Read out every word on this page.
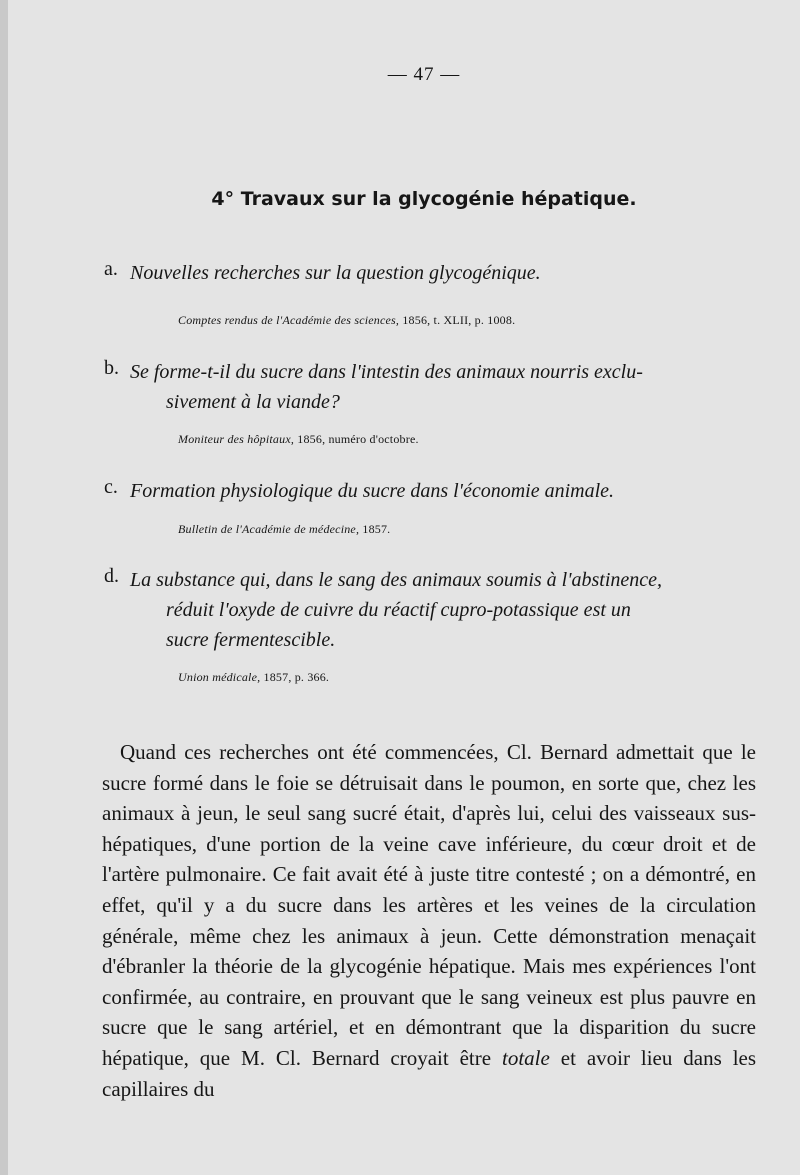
— 47 —
4° Travaux sur la glycogénie hépatique.
a. Nouvelles recherches sur la question glycogénique.
Comptes rendus de l'Académie des sciences, 1856, t. XLII, p. 1008.
b. Se forme-t-il du sucre dans l'intestin des animaux nourris exclu-
sivement à la viande?
Moniteur des hôpitaux, 1856, numéro d'octobre.
c. Formation physiologique du sucre dans l'économie animale.
Bulletin de l'Académie de médecine, 1857.
d. La substance qui, dans le sang des animaux soumis à l'abstinence,
réduit l'oxyde de cuivre du réactif cupro-potassique est un
sucre fermentescible.
Union médicale, 1857, p. 366.

Quand ces recherches ont été commencées, Cl. Bernard admettait que le sucre formé dans le foie se détruisait dans le poumon, en sorte que, chez les animaux à jeun, le seul sang sucré était, d'après lui, celui des vaisseaux sus-hépatiques, d'une portion de la veine cave inférieure, du cœur droit et de l'artère pulmonaire. Ce fait avait été à juste titre contesté ; on a démontré, en effet, qu'il y a du sucre dans les artères et les veines de la circulation générale, même chez les animaux à jeun. Cette démonstration menaçait d'ébranler la théorie de la glycogénie hépatique. Mais mes expériences l'ont confirmée, au contraire, en prouvant que le sang veineux est plus pauvre en sucre que le sang artériel, et en démontrant que la disparition du sucre hépatique, que M. Cl. Bernard croyait être totale et avoir lieu dans les capillaires du
